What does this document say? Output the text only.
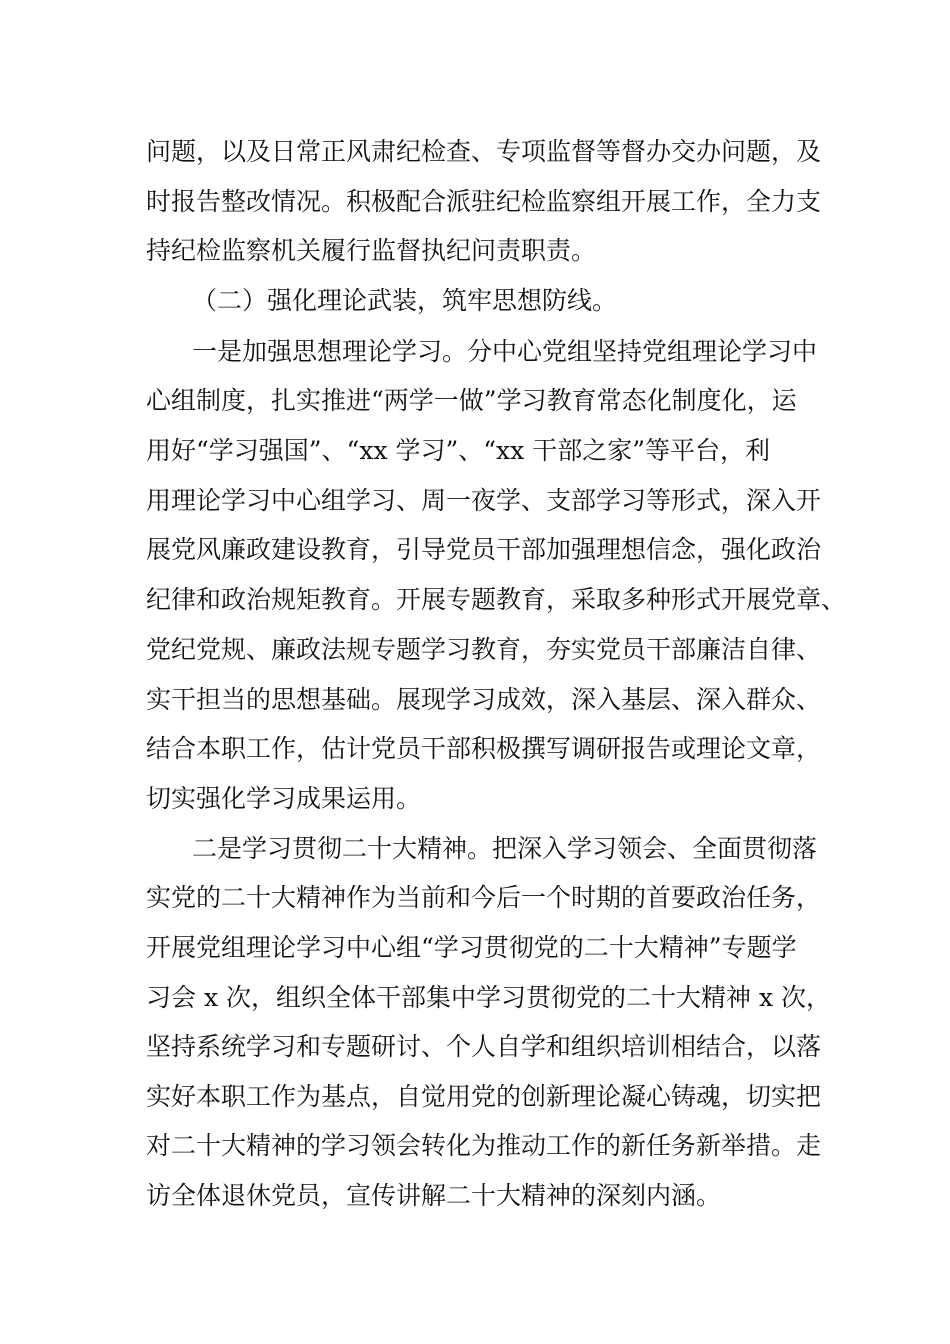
问题，以及日常正风肃纪检查、专项监督等督办交办问题，及

时报告整改情况。积极配合派驻纪检监察组开展工作，全力支

持纪检监察机关履行监督执纪问责职责。

（二）强化理论武装，筑牢思想防线。

一是加强思想理论学习。分中心党组坚持党组理论学习中

心组制度，扎实推进“两学一做”学习教育常态化制度化，运

用好“学习强国”、“xx 学习”、“xx 干部之家”等平台，利

用理论学习中心组学习、周一夜学、支部学习等形式，深入开

展党风廉政建设教育，引导党员干部加强理想信念，强化政治

纪律和政治规矩教育。开展专题教育，采取多种形式开展党章、

党纪党规、廉政法规专题学习教育，夯实党员干部廉洁自律、

实干担当的思想基础。展现学习成效，深入基层、深入群众、

结合本职工作，估计党员干部积极撰写调研报告或理论文章，

切实强化学习成果运用。

二是学习贯彻二十大精神。把深入学习领会、全面贯彻落

实党的二十大精神作为当前和今后一个时期的首要政治任务，

开展党组理论学习中心组“学习贯彻党的二十大精神”专题学

习会 x 次，组织全体干部集中学习贯彻党的二十大精神 x 次，

坚持系统学习和专题研讨、个人自学和组织培训相结合，以落

实好本职工作为基点，自觉用党的创新理论凝心铸魂，切实把

对二十大精神的学习领会转化为推动工作的新任务新举措。走

访全体退休党员，宣传讲解二十大精神的深刻内涵。
